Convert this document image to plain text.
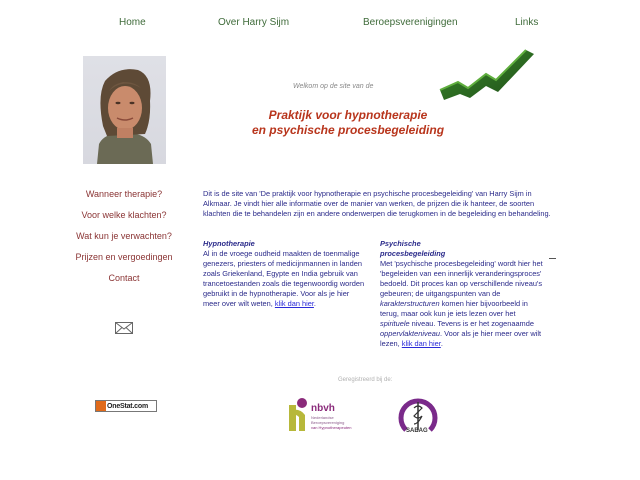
Home	Over Harry Sijm	Beroepsverenigingen	Links
Welkom op de site van de
Praktijk voor hypnotherapie
en psychische procesbegeleiding
Wanneer therapie?
Voor welke klachten?
Wat kun je verwachten?
Prijzen en vergoedingen
Contact
OneStat.com
Dit is de site van 'De praktijk voor hypnotherapie en psychische procesbegeleiding' van Harry Sijm in Alkmaar. Je vindt hier alle informatie over de manier van werken, de prijzen die ik hanteer, de soorten klachten die te behandelen zijn en andere onderwerpen die terugkomen in de begeleiding en behandeling.
Hypnotherapie
Al in de vroege oudheid maakten de toenmalige genezers, priesters of medicijnmannen in landen zoals Griekenland, Egypte en India gebruik van trancetoestanden zoals die tegenwoordig worden gebruikt in de hypnotherapie. Voor als je hier meer over wilt weten, klik dan hier.
Psychische procesbegeleiding
Met 'psychische procesbegeleiding' wordt hier het 'begeleiden van een innerlijk veranderingsproces' bedoeld. Dit proces kan op verschillende niveau's gebeuren; de uitgangspunten van de karakterstructuren komen hier bijvoorbeeld in terug, maar ook kun je iets lezen over het spirituele niveau. Tevens is er het zogenaamde oppervlakteniveau. Voor als je hier meer over wilt lezen, klik dan hier.
Geregistreerd bij de:
nbvh
Nederlandse
Beroepsvereniging
van Hypnotherapeuten
SABAG
